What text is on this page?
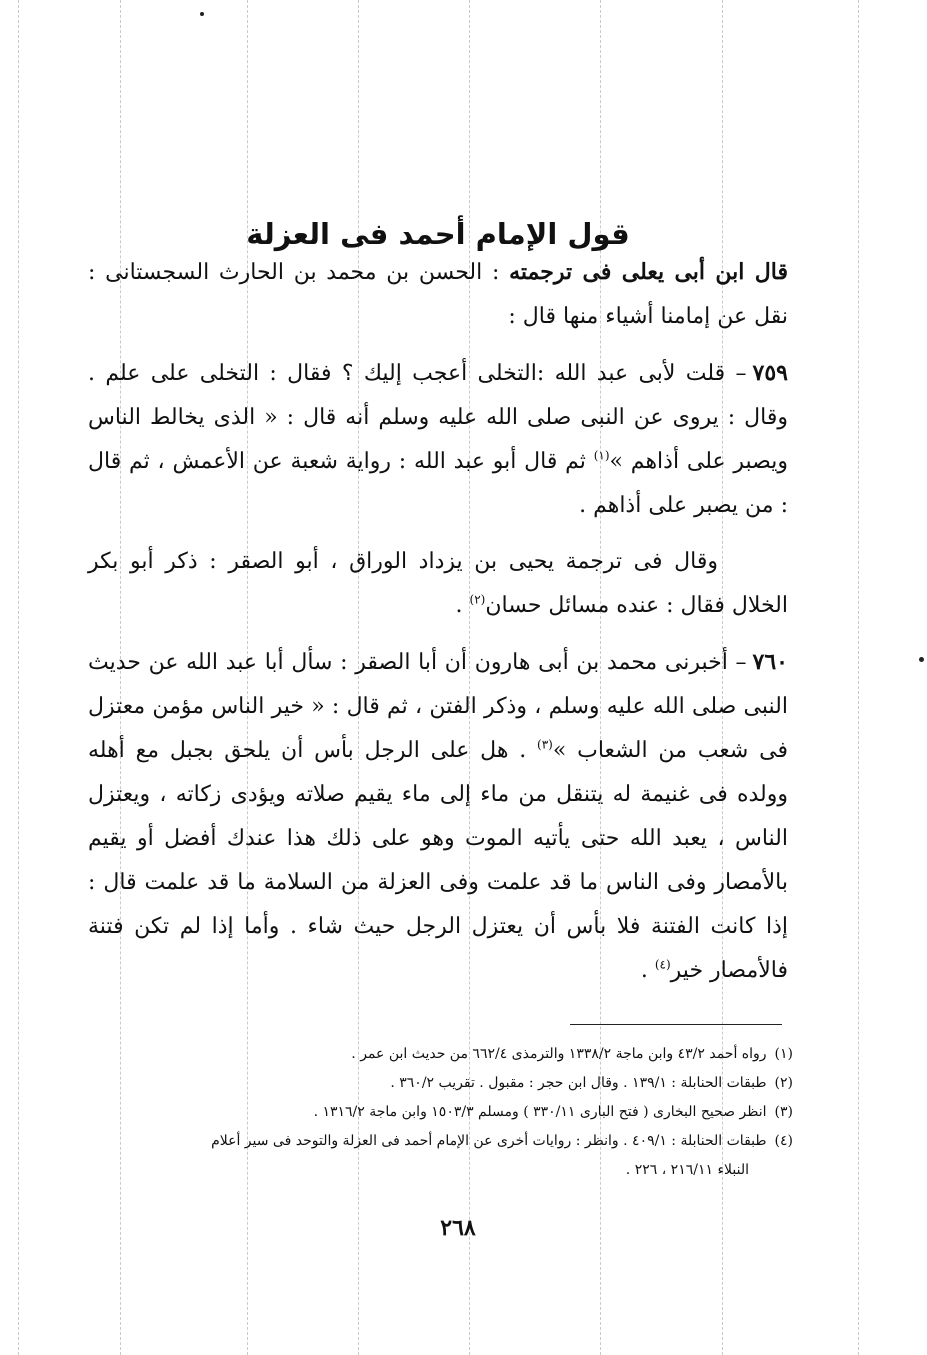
قول الإمام أحمد فى العزلة

قال ابن أبى يعلى فى ترجمته : الحسن بن محمد بن الحارث السجستانى : نقل عن إمامنا أشياء منها قال :

٧٥٩– قلت لأبى عبد الله :التخلى أعجب إليك ؟ فقال : التخلى على علم . وقال : يروى عن النبى صلى الله عليه وسلم أنه قال : « الذى يخالط الناس ويصبر على أذاهم »$^{(١)}$ ثم قال أبو عبد الله : رواية شعبة عن الأعمش ، ثم قال : من يصبر على أذاهم .

وقال فى ترجمة يحيى بن يزداد الوراق ، أبو الصقر : ذكر أبو بكر الخلال فقال : عنده مسائل حسان$^{(٢)}$ .

٧٦٠– أخبرنى محمد بن أبى هارون أن أبا الصقر : سأل أبا عبد الله عن حديث النبى صلى الله عليه وسلم ، وذكر الفتن ، ثم قال : « خير الناس مؤمن معتزل فى شعب من الشعاب »$^{(٣)}$ . هل على الرجل بأس أن يلحق بجبل مع أهله وولده فى غنيمة له يتنقل من ماء إلى ماء يقيم صلاته ويؤدى زكاته ، ويعتزل الناس ، يعبد الله حتى يأتيه الموت وهو على ذلك هذا عندك أفضل أو يقيم بالأمصار وفى الناس ما قد علمت وفى العزلة من السلامة ما قد علمت قال : إذا كانت الفتنة فلا بأس أن يعتزل الرجل حيث شاء . وأما إذا لم تكن فتنة فالأمصار خير$^{(٤)}$ .

(١)رواه أحمد ٤٣/٢ وابن ماجة ١٣٣٨/٢ والترمذى ٦٦٢/٤ من حديث ابن عمر .

(٢)طبقات الحنابلة : ١٣٩/١ . وقال ابن حجر : مقبول . تقريب ٣٦٠/٢ .

(٣)انظر صحيح البخارى ( فتح البارى ٣٣٠/١١ ) ومسلم ١٥٠٣/٣ وابن ماجة ١٣١٦/٢ .

(٤)طبقات الحنابلة : ٤٠٩/١ . وانظر : روايات أخرى عن الإمام أحمد فى العزلة والتوحد فى سير أعلام

النبلاء ٢١٦/١١ ، ٢٢٦ .

٢٦٨
